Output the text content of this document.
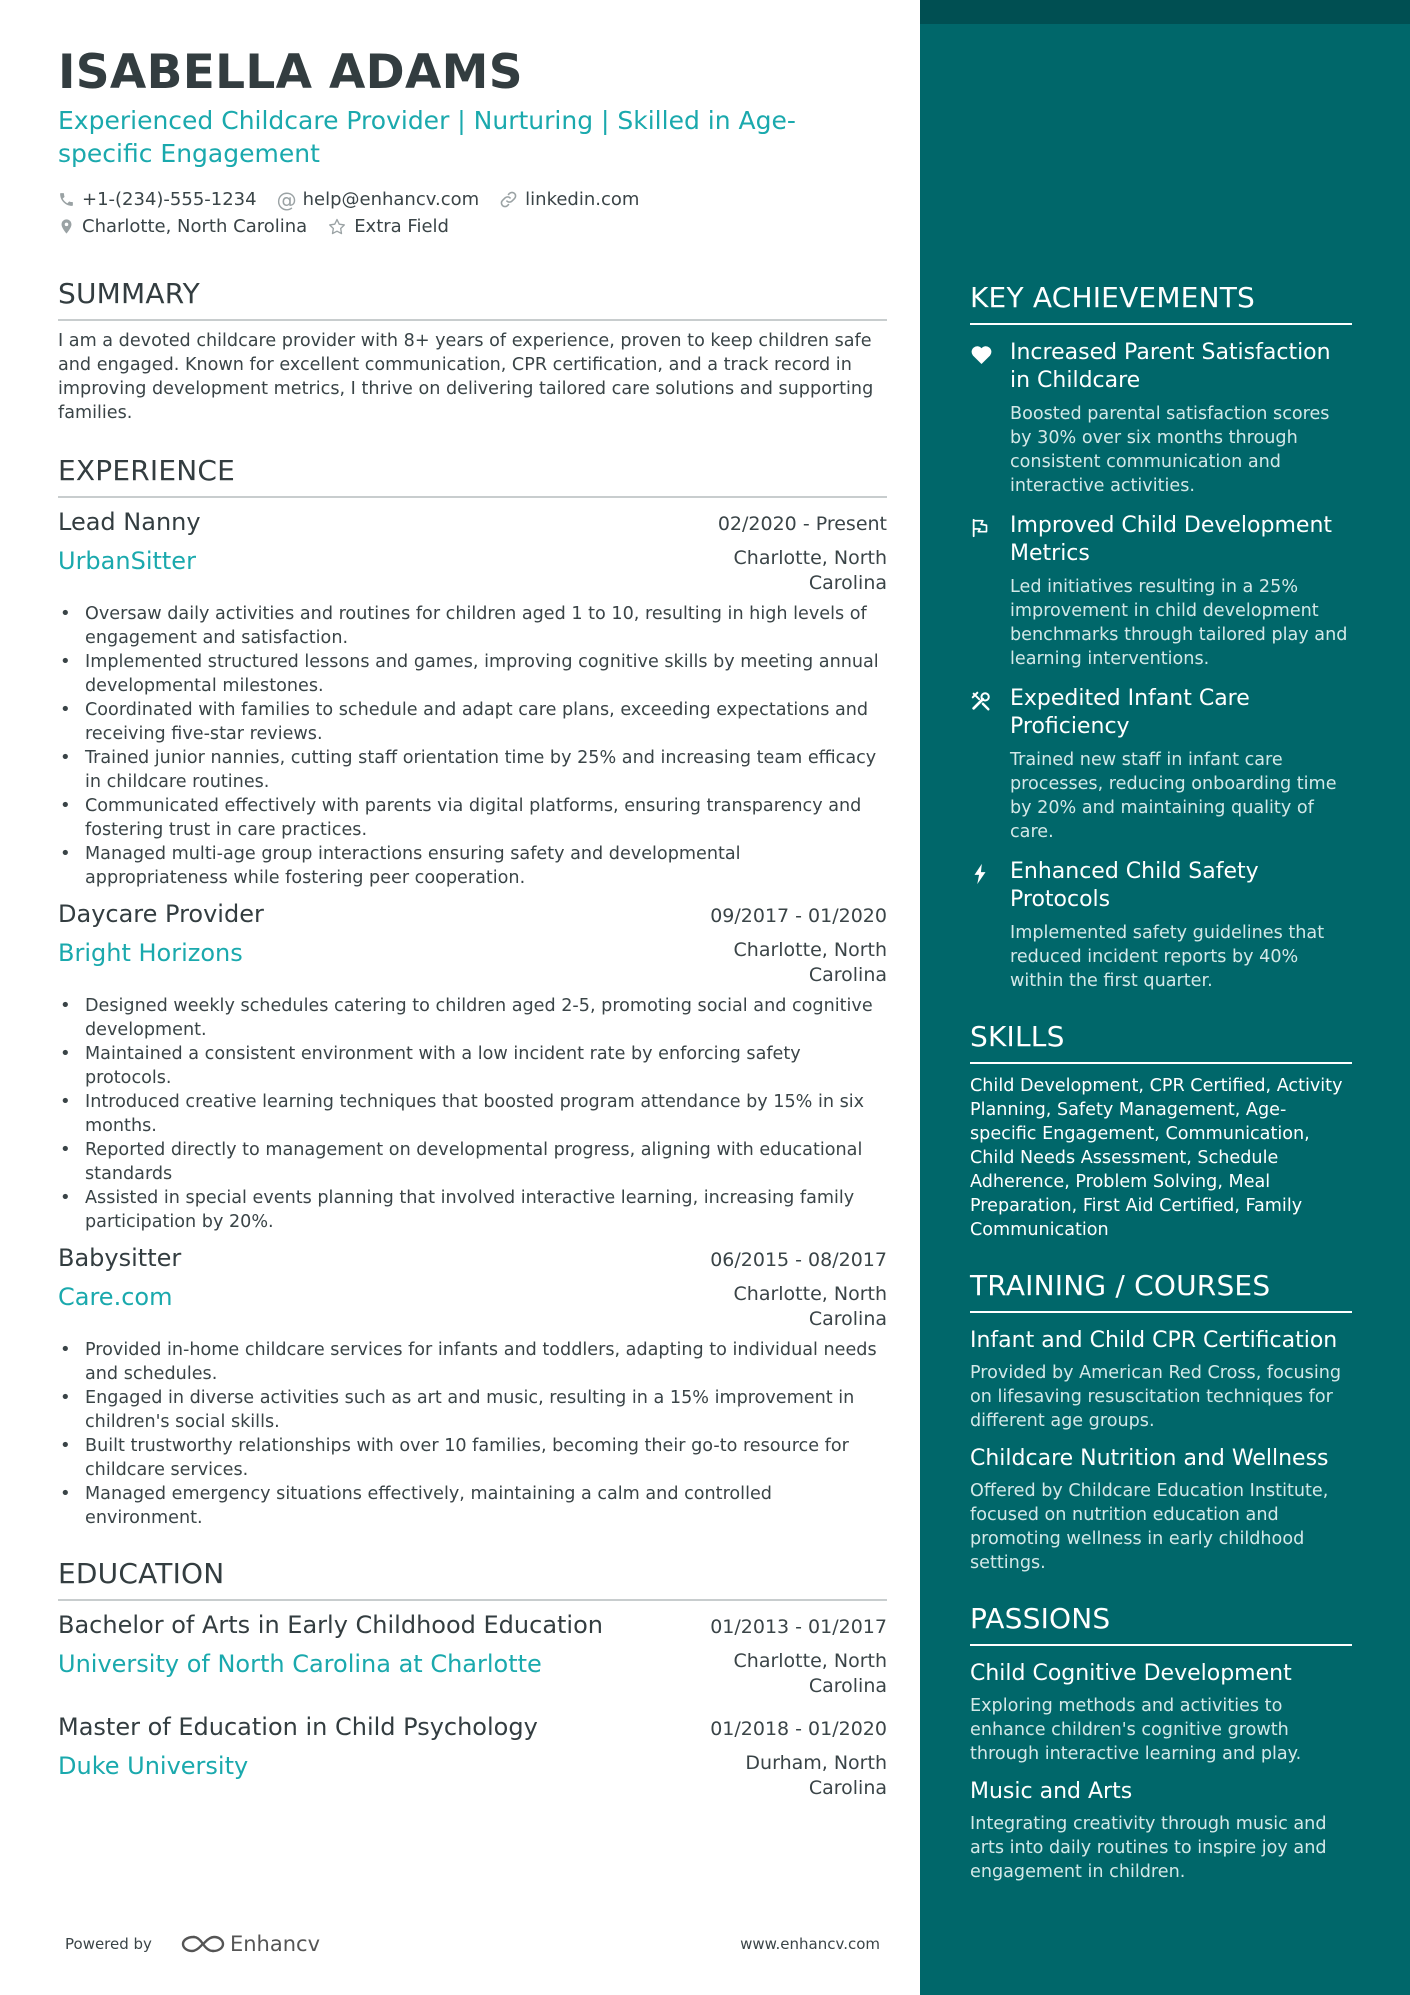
ISABELLA ADAMS
Experienced Childcare Provider | Nurturing | Skilled in Age-specific Engagement
+1-(234)-555-1234 @ help@enhancv.com	linkedin.com
Charlotte, North Carolina	Extra Field
SUMMARY
I am a devoted childcare provider with 8+ years of experience, proven to keep children safe and engaged. Known for excellent communication, CPR certification, and a track record in improving development metrics, I thrive on delivering tailored care solutions and supporting families.
EXPERIENCE
Lead Nanny	02/2020 - Present
UrbanSitter	Charlotte, North Carolina
• Oversaw daily activities and routines for children aged 1 to 10, resulting in high levels of engagement and satisfaction.
• Implemented structured lessons and games, improving cognitive skills by meeting annual developmental milestones.
• Coordinated with families to schedule and adapt care plans, exceeding expectations and receiving five-star reviews.
• Trained junior nannies, cutting staff orientation time by 25% and increasing team efficacy in childcare routines.
• Communicated effectively with parents via digital platforms, ensuring transparency and fostering trust in care practices.
• Managed multi-age group interactions ensuring safety and developmental appropriateness while fostering peer cooperation.
Daycare Provider	09/2017 - 01/2020
Bright Horizons	Charlotte, North Carolina
• Designed weekly schedules catering to children aged 2-5, promoting social and cognitive development.
• Maintained a consistent environment with a low incident rate by enforcing safety protocols.
• Introduced creative learning techniques that boosted program attendance by 15% in six months.
• Reported directly to management on developmental progress, aligning with educational standards
• Assisted in special events planning that involved interactive learning, increasing family participation by 20%.
Babysitter	06/2015 - 08/2017
Care.com	Charlotte, North Carolina
• Provided in-home childcare services for infants and toddlers, adapting to individual needs and schedules.
• Engaged in diverse activities such as art and music, resulting in a 15% improvement in children's social skills.
• Built trustworthy relationships with over 10 families, becoming their go-to resource for childcare services.
• Managed emergency situations effectively, maintaining a calm and controlled environment.
EDUCATION
Bachelor of Arts in Early Childhood Education	01/2013 - 01/2017
University of North Carolina at Charlotte	Charlotte, North Carolina
Master of Education in Child Psychology	01/2018 - 01/2020
Duke University	Durham, North Carolina
Powered by	Enhancv	www.enhancv.com
KEY ACHIEVEMENTS
Increased Parent Satisfaction in Childcare
Boosted parental satisfaction scores by 30% over six months through consistent communication and interactive activities.
Improved Child Development Metrics
Led initiatives resulting in a 25% improvement in child development benchmarks through tailored play and learning interventions.
Expedited Infant Care Proficiency
Trained new staff in infant care processes, reducing onboarding time by 20% and maintaining quality of care.
Enhanced Child Safety Protocols
Implemented safety guidelines that reduced incident reports by 40% within the first quarter.
SKILLS
Child Development, CPR Certified, Activity Planning, Safety Management, Age-specific Engagement, Communication, Child Needs Assessment, Schedule Adherence, Problem Solving, Meal Preparation, First Aid Certified, Family Communication
TRAINING / COURSES
Infant and Child CPR Certification
Provided by American Red Cross, focusing on lifesaving resuscitation techniques for different age groups.
Childcare Nutrition and Wellness
Offered by Childcare Education Institute, focused on nutrition education and promoting wellness in early childhood settings.
PASSIONS
Child Cognitive Development
Exploring methods and activities to enhance children's cognitive growth through interactive learning and play.
Music and Arts
Integrating creativity through music and arts into daily routines to inspire joy and engagement in children.
